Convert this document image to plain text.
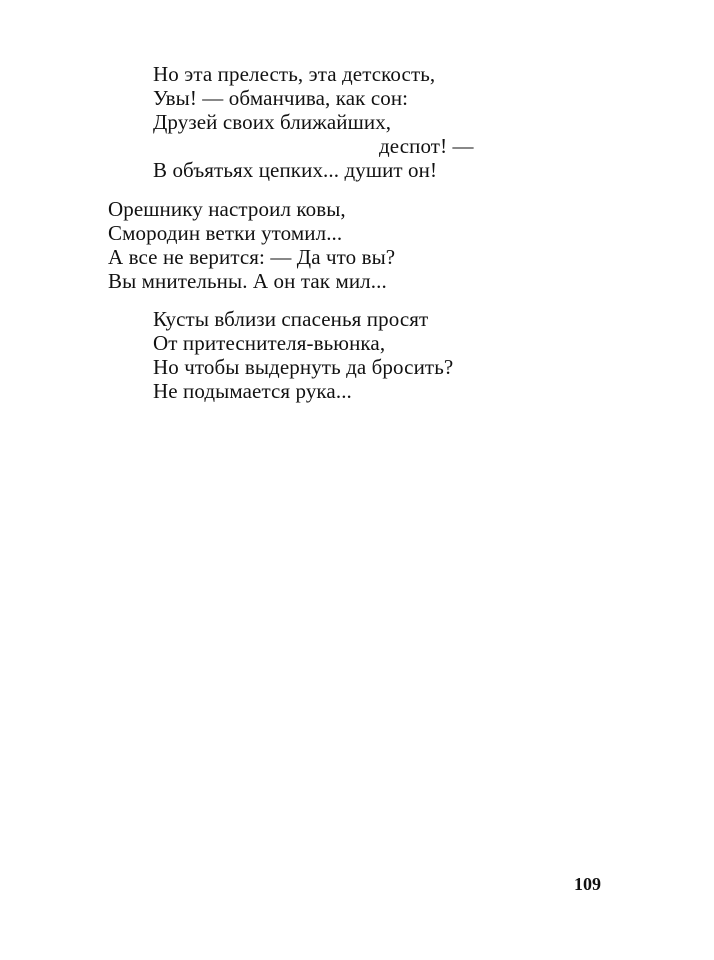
Но эта прелесть, эта детскость,
Увы! — обманчива, как сон:
Друзей своих ближайших,
деспот! —
В объятьях цепких... душит он!
Орешнику настроил ковы,
Смородин ветки утомил...
А все не верится: — Да что вы?
Вы мнительны. А он так мил...
Кусты вблизи спасенья просят
От притеснителя-вьюнка,
Но чтобы выдернуть да бросить?
Не подымается рука...
109
